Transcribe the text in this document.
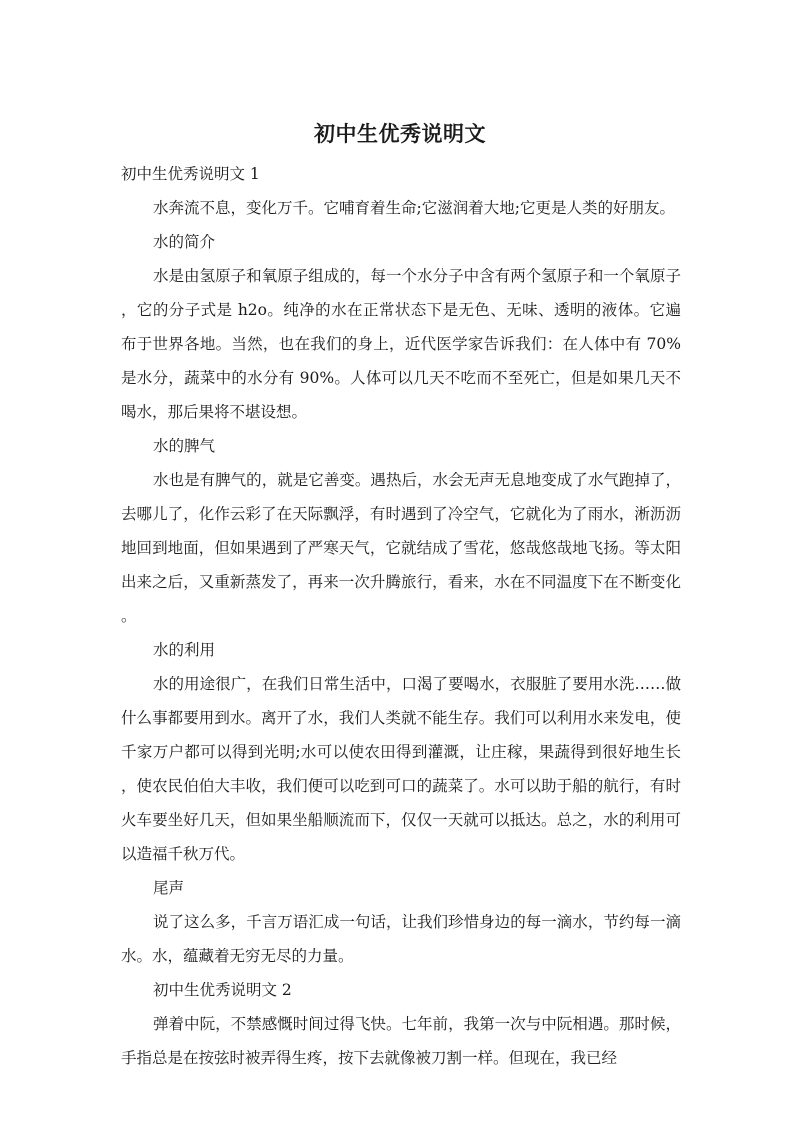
初中生优秀说明文

初中生优秀说明文 1

水奔流不息，变化万千。它哺育着生命;它滋润着大地;它更是人类的好朋友。

水的简介

水是由氢原子和氧原子组成的，每一个水分子中含有两个氢原子和一个氧原子，它的分子式是 h2o。纯净的水在正常状态下是无色、无味、透明的液体。它遍布于世界各地。当然，也在我们的身上，近代医学家告诉我们：在人体中有 70%是水分，蔬菜中的水分有 90%。人体可以几天不吃而不至死亡，但是如果几天不喝水，那后果将不堪设想。

水的脾气

水也是有脾气的，就是它善变。遇热后，水会无声无息地变成了水气跑掉了，去哪儿了，化作云彩了在天际飘浮，有时遇到了冷空气，它就化为了雨水，淅沥沥地回到地面，但如果遇到了严寒天气，它就结成了雪花，悠哉悠哉地飞扬。等太阳出来之后，又重新蒸发了，再来一次升腾旅行，看来，水在不同温度下在不断变化。

水的利用

水的用途很广，在我们日常生活中，口渴了要喝水，衣服脏了要用水洗……做什么事都要用到水。离开了水，我们人类就不能生存。我们可以利用水来发电，使千家万户都可以得到光明;水可以使农田得到灌溉，让庄稼，果蔬得到很好地生长，使农民伯伯大丰收，我们便可以吃到可口的蔬菜了。水可以助于船的航行，有时火车要坐好几天，但如果坐船顺流而下，仅仅一天就可以抵达。总之，水的利用可以造福千秋万代。

尾声

说了这么多，千言万语汇成一句话，让我们珍惜身边的每一滴水，节约每一滴水。水，蕴藏着无穷无尽的力量。

初中生优秀说明文 2

弹着中阮，不禁感慨时间过得飞快。七年前，我第一次与中阮相遇。那时候，手指总是在按弦时被弄得生疼，按下去就像被刀割一样。但现在，我已经
